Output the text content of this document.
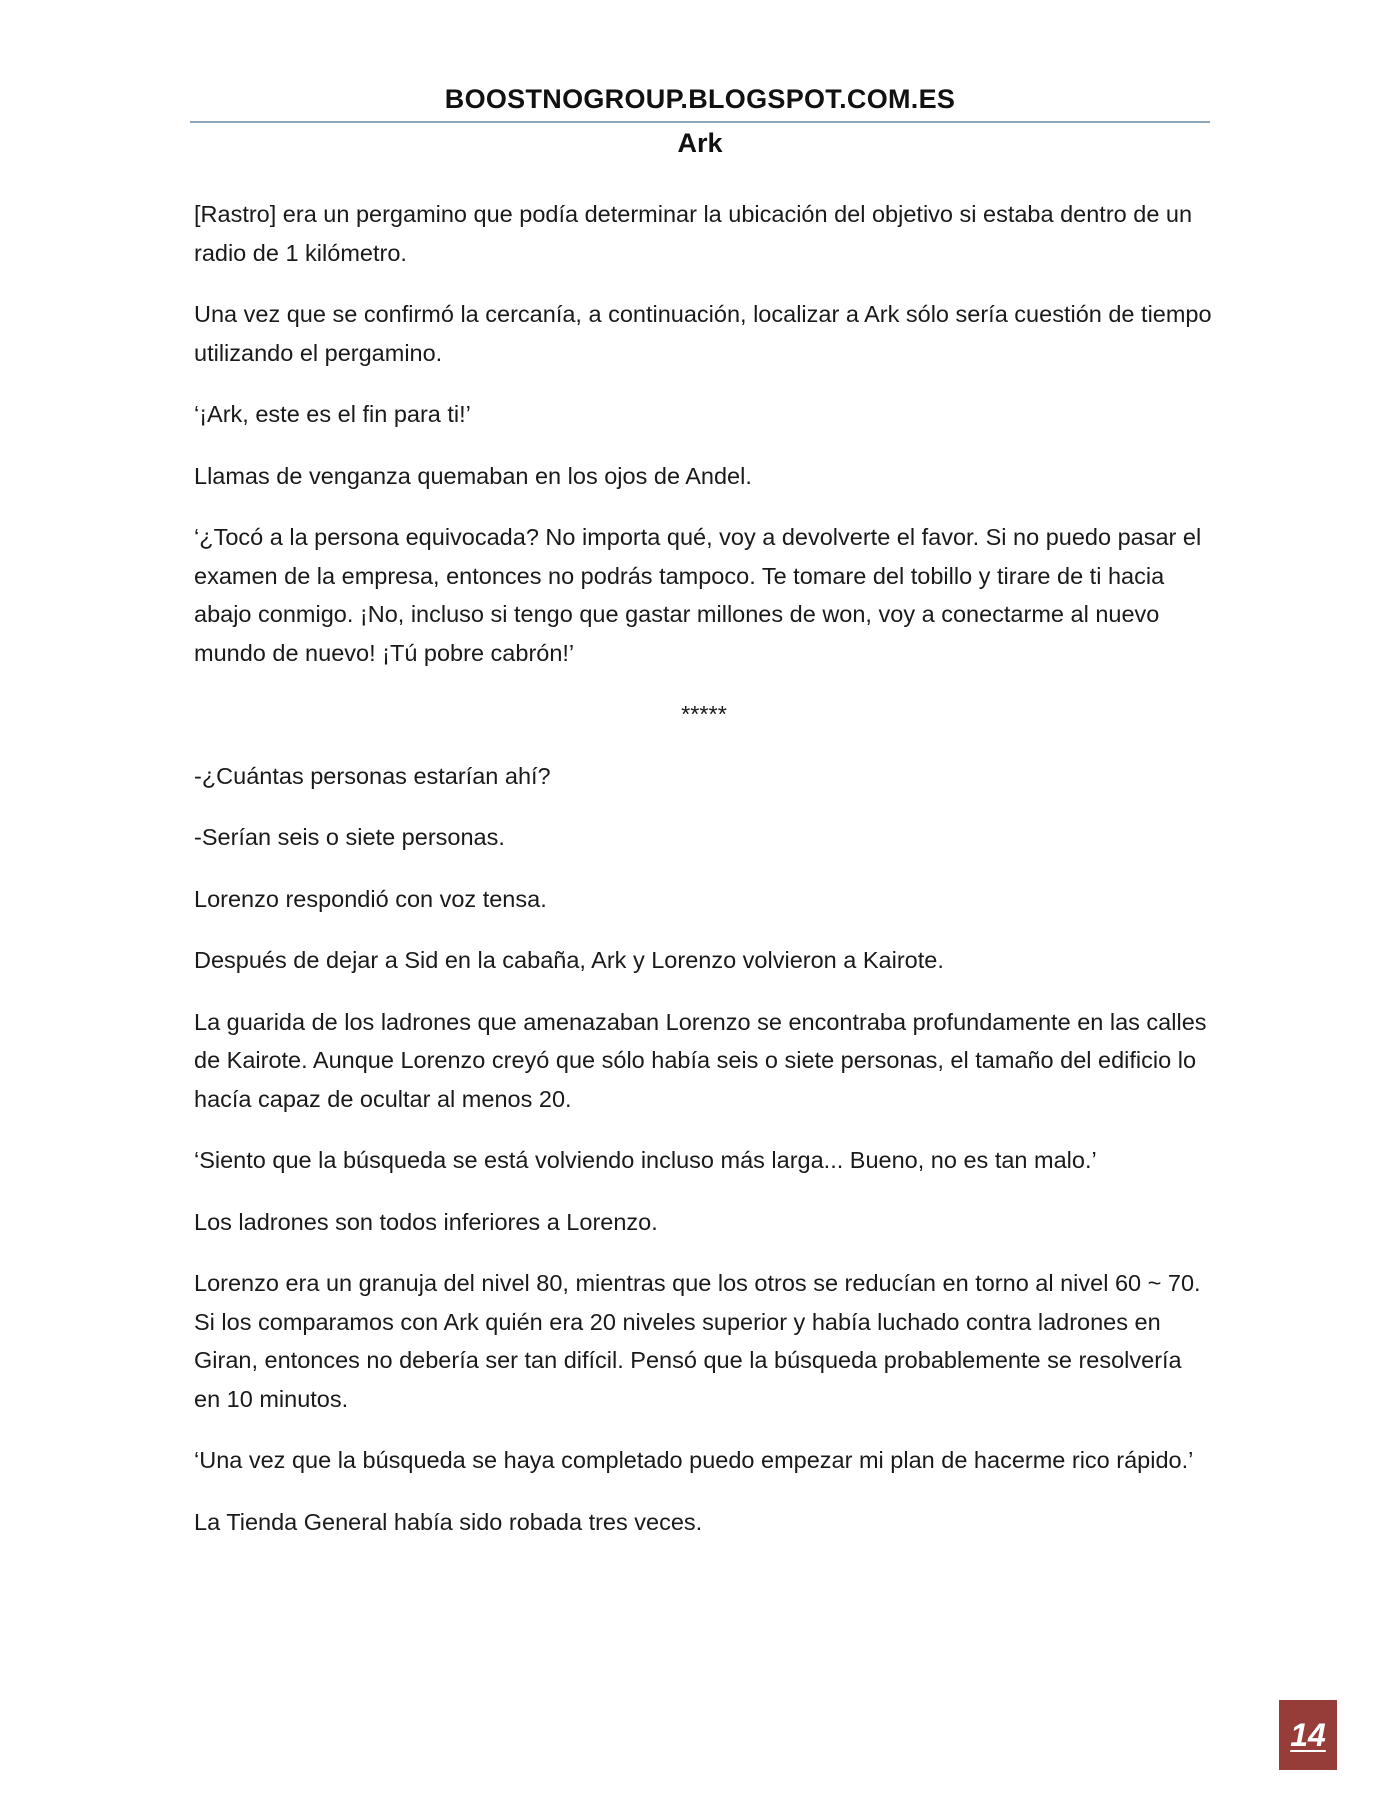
BOOSTNOGROUP.BLOGSPOT.COM.ES
Ark

[Rastro] era un pergamino que podía determinar la ubicación del objetivo si estaba dentro de un radio de 1 kilómetro.

Una vez que se confirmó la cercanía, a continuación, localizar a Ark sólo sería cuestión de tiempo utilizando el pergamino.

‘¡Ark, este es el fin para ti!’

Llamas de venganza quemaban en los ojos de Andel.

‘¿Tocó a la persona equivocada? No importa qué, voy a devolverte el favor. Si no puedo pasar el examen de la empresa, entonces no podrás tampoco. Te tomare del tobillo y tirare de ti hacia abajo conmigo. ¡No, incluso si tengo que gastar millones de won, voy a conectarme al nuevo mundo de nuevo! ¡Tú pobre cabrón!’

*****

-¿Cuántas personas estarían ahí?

-Serían seis o siete personas.

Lorenzo respondió con voz tensa.

Después de dejar a Sid en la cabaña, Ark y Lorenzo volvieron a Kairote.

La guarida de los ladrones que amenazaban Lorenzo se encontraba profundamente en las calles de Kairote. Aunque Lorenzo creyó que sólo había seis o siete personas, el tamaño del edificio lo hacía capaz de ocultar al menos 20.

‘Siento que la búsqueda se está volviendo incluso más larga... Bueno, no es tan malo.’

Los ladrones son todos inferiores a Lorenzo.

Lorenzo era un granuja del nivel 80, mientras que los otros se reducían en torno al nivel 60 ~ 70. Si los comparamos con Ark quién era 20 niveles superior y había luchado contra ladrones en Giran, entonces no debería ser tan difícil. Pensó que la búsqueda probablemente se resolvería en 10 minutos.

‘Una vez que la búsqueda se haya completado puedo empezar mi plan de hacerme rico rápido.’

La Tienda General había sido robada tres veces.

14
